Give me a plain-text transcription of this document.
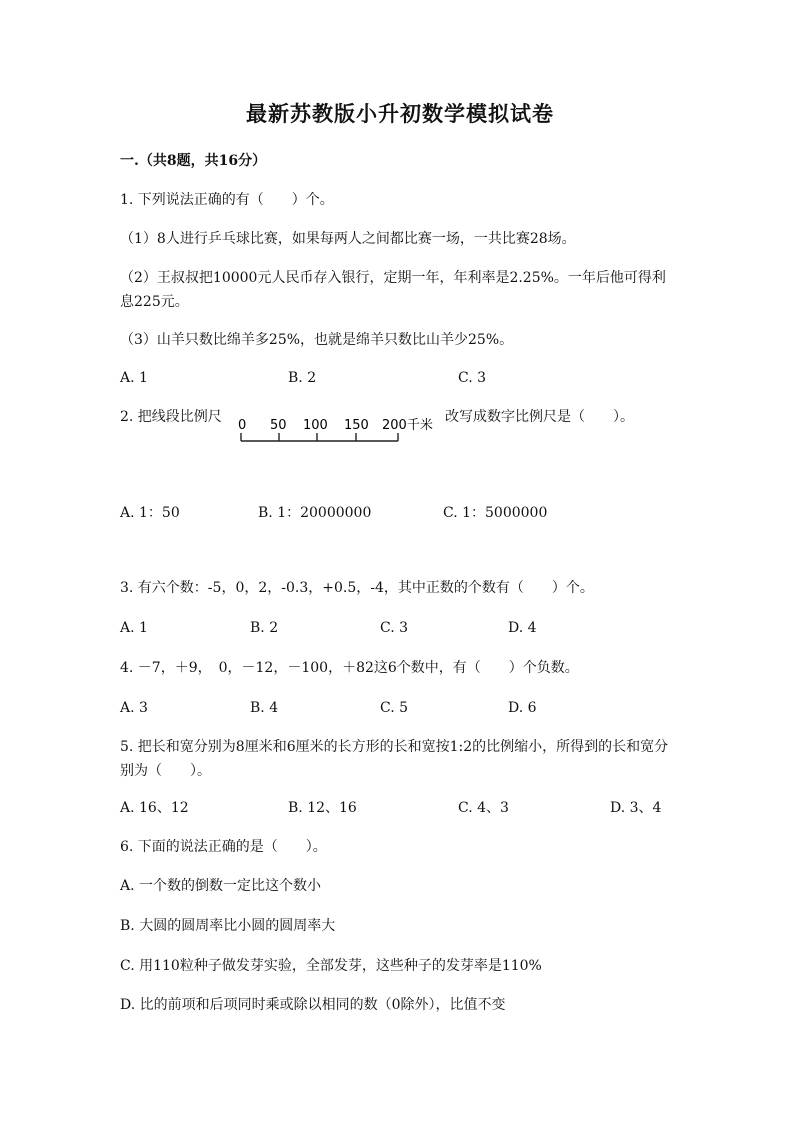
最新苏教版小升初数学模拟试卷
一.（共8题，共16分）
1. 下列说法正确的有（　　）个。
（1）8人进行乒乓球比赛，如果每两人之间都比赛一场，一共比赛28场。
（2）王叔叔把10000元人民币存入银行，定期一年，年利率是2.25%。一年后他可得利息225元。
（3）山羊只数比绵羊多25%，也就是绵羊只数比山羊少25%。
A. 1	B. 2	C. 3
2. 把线段比例尺
0 50 100 150 200千米
改写成数字比例尺是（　　）。
A. 1：50	B. 1：20000000	C. 1：5000000
3. 有六个数：-5，0，2，-0.3，+0.5，-4，其中正数的个数有（　　）个。
A. 1	B. 2	C. 3	D. 4
4. －7，＋9，　0，－12，－100，＋82这6个数中，有（　　）个负数。
A. 3	B. 4	C. 5	D. 6
5. 把长和宽分别为8厘米和6厘米的长方形的长和宽按1:2的比例缩小，所得到的长和宽分别为（　　）。
A. 16、12	B. 12、16	C. 4、3	D. 3、4
6. 下面的说法正确的是（　　）。
A. 一个数的倒数一定比这个数小
B. 大圆的圆周率比小圆的圆周率大
C. 用110粒种子做发芽实验，全部发芽，这些种子的发芽率是110%
D. 比的前项和后项同时乘或除以相同的数（0除外），比值不变
